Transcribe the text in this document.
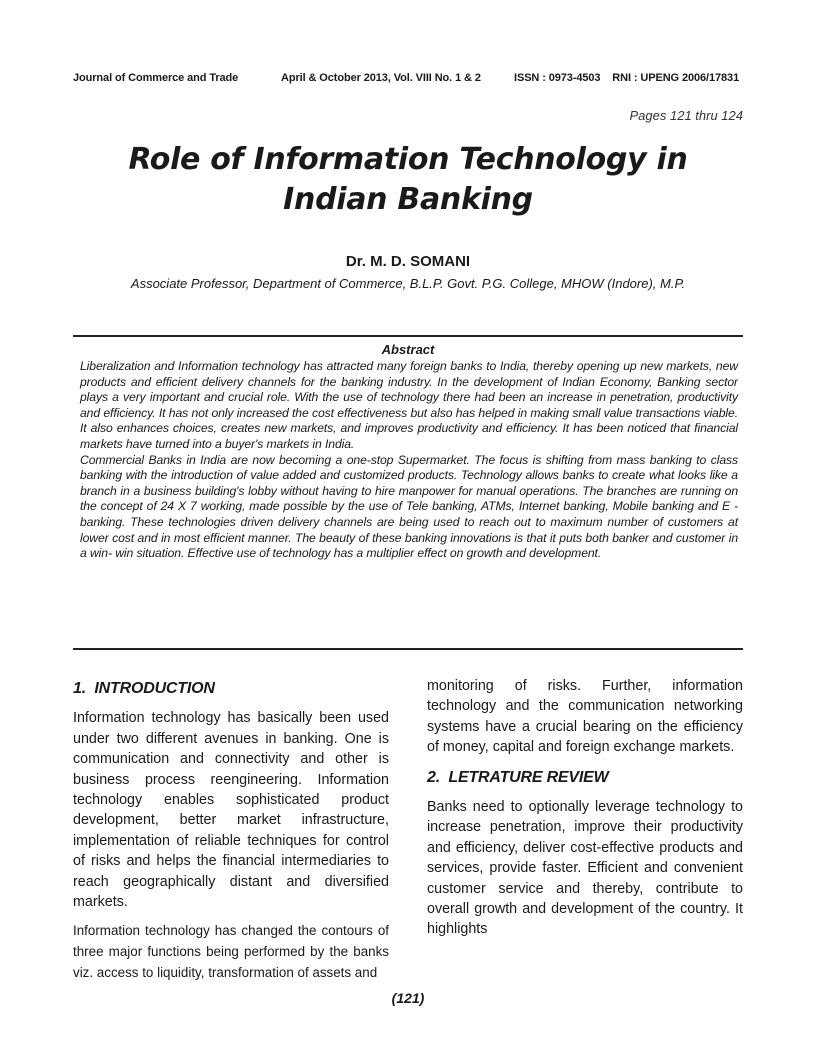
Journal of Commerce and Trade	April & October 2013, Vol. VIII No. 1 & 2	ISSN : 0973-4503    RNI : UPENG 2006/17831
Pages 121 thru 124
Role of Information Technology in
Indian Banking
Dr. M. D. SOMANI
Associate Professor, Department of Commerce, B.L.P. Govt. P.G. College, MHOW (Indore), M.P.
Abstract

Liberalization and Information technology has attracted many foreign banks to India, thereby opening up new markets, new products and efficient delivery channels for the banking industry. In the development of Indian Economy, Banking sector plays a very important and crucial role. With the use of technology there had been an increase in penetration, productivity and efficiency. It has not only increased the cost effectiveness but also has helped in making small value transactions viable. It also enhances choices, creates new markets, and improves productivity and efficiency. It has been noticed that financial markets have turned into a buyer's markets in India.

Commercial Banks in India are now becoming a one-stop Supermarket. The focus is shifting from mass banking to class banking with the introduction of value added and customized products. Technology allows banks to create what looks like a branch in a business building's lobby without having to hire manpower for manual operations. The branches are running on the concept of 24 X 7 working, made possible by the use of Tele banking, ATMs, Internet banking, Mobile banking and E - banking. These technologies driven delivery channels are being used to reach out to maximum number of customers at lower cost and in most efficient manner. The beauty of these banking innovations is that it puts both banker and customer in a win- win situation. Effective use of technology has a multiplier effect on growth and development.

1.  INTRODUCTION

Information technology has basically been used under two different avenues in banking. One is communication and connectivity and other is business process reengineering. Information technology enables sophisticated product development, better market infrastructure, implementation of reliable techniques for control of risks and helps the financial intermediaries to reach geographically distant and diversified markets.

Information technology has changed the contours of three major functions being performed by the banks viz. access to liquidity, transformation of assets and

monitoring of risks. Further, information technology and the communication networking systems have a crucial bearing on the efficiency of money, capital and foreign exchange markets.

2.  LETRATURE REVIEW

Banks need to optionally leverage technology to increase penetration, improve their productivity and efficiency, deliver cost-effective products and services, provide faster. Efficient and convenient customer service and thereby, contribute to overall growth and development of the country. It highlights

(121)
